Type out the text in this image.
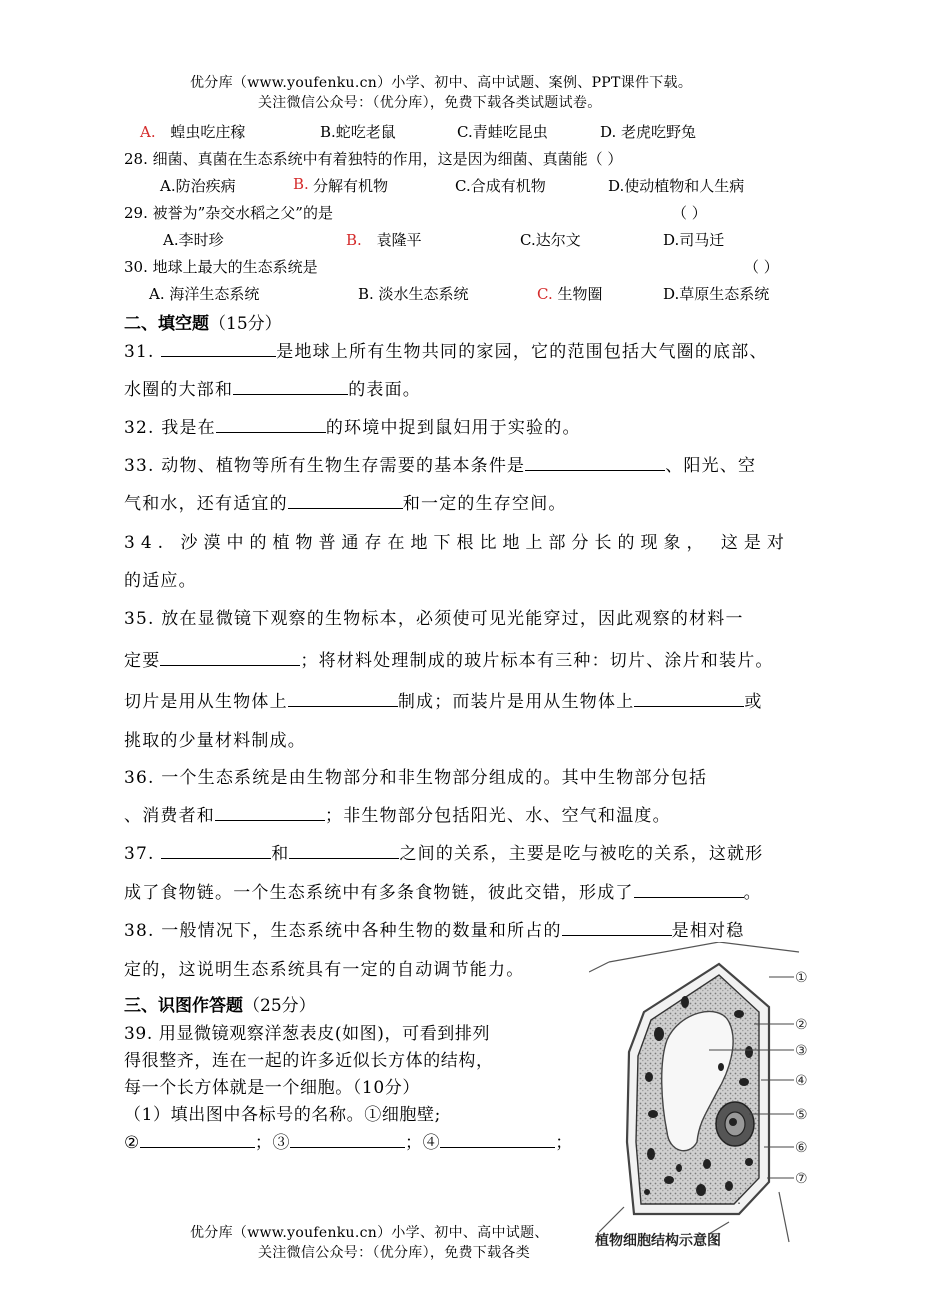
优分库（www.youfenku.cn）小学、初中、高中试题、案例、PPT课件下载。
关注微信公众号：（优分库），免费下载各类试题试卷。
A. 蝗虫吃庄稼	B.蛇吃老鼠	C.青蛙吃昆虫	D. 老虎吃野兔
28. 细菌、真菌在生态系统中有着独特的作用，这是因为细菌、真菌能（ ）
A.防治疾病	B. 分解有机物	C.合成有机物	D.使动植物和人生病
29. 被誉为”杂交水稻之父”的是	（ ）
A.李时珍	B. 袁隆平	C.达尔文	D.司马迁
30. 地球上最大的生态系统是	（ ）
A. 海洋生态系统	B. 淡水生态系统	C. 生物圈	D.草原生态系统
二、填空题（15分）
31.	是地球上所有生物共同的家园，它的范围包括大气圈的底部、
水圈的大部和	的表面。
32. 我是在	的环境中捉到鼠妇用于实验的。
33. 动物、植物等所有生物生存需要的基本条件是	、阳光、空
气和水，还有适宜的	和一定的生存空间。
34. 沙漠中的植物普通存在地下根比地上部分长的现象， 这是对
的适应。
35. 放在显微镜下观察的生物标本，必须使可见光能穿过，因此观察的材料一
定要	；将材料处理制成的玻片标本有三种：切片、涂片和装片。
切片是用从生物体上	制成；而装片是用从生物体上	或
挑取的少量材料制成。
36. 一个生态系统是由生物部分和非生物部分组成的。其中生物部分包括
、消费者和	；非生物部分包括阳光、水、空气和温度。
37.	和	之间的关系，主要是吃与被吃的关系，这就形
成了食物链。一个生态系统中有多条食物链，彼此交错，形成了	。
38. 一般情况下，生态系统中各种生物的数量和所占的	是相对稳
定的，这说明生态系统具有一定的自动调节能力。
三、识图作答题（25分）
39. 用显微镜观察洋葱表皮(如图)，可看到排列
得很整齐，连在一起的许多近似长方体的结构，
每一个长方体就是一个细胞。（10分）
（1）填出图中各标号的名称。①细胞壁;
②	；③	；④	；
优分库（www.youfenku.cn）小学、初中、高中试题、
关注微信公众号：（优分库），免费下载各类
①
②
③
④
⑤
⑥
⑦
:
植物细胞结构示意图
